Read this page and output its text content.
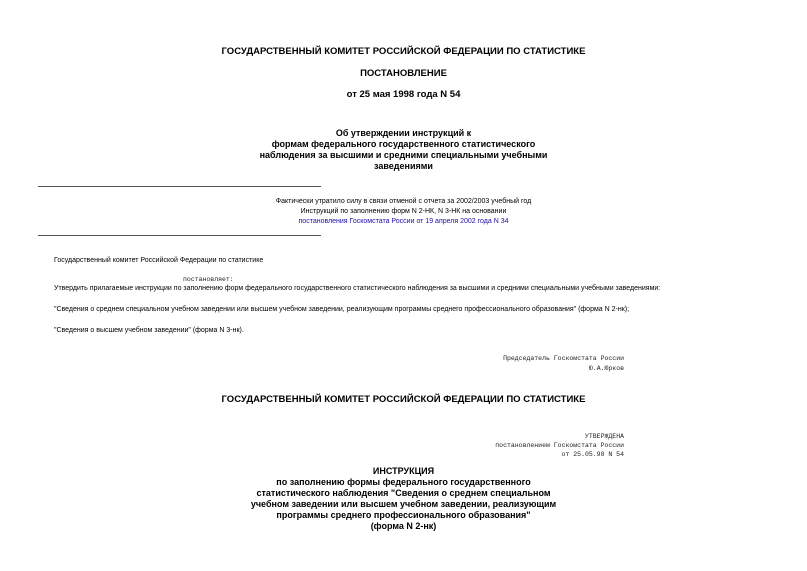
ГОСУДАРСТВЕННЫЙ КОМИТЕТ РОССИЙСКОЙ ФЕДЕРАЦИИ ПО СТАТИСТИКЕ
ПОСТАНОВЛЕНИЕ
от 25 мая 1998 года N 54
Об утверждении инструкций к
формам федерального государственного статистического
наблюдения за высшими и средними специальными учебными
заведениями
Фактически утратило силу в связи отменой с отчета за 2002/2003 учебный год
Инструкций по заполнению форм N 2-НК, N 3-НК на основании
постановления Госкомстата России от 19 апреля 2002 года N 34
Государственный комитет Российской Федерации по статистике
постановляет:
Утвердить прилагаемые инструкции по заполнению форм федерального государственного статистического наблюдения за высшими и средними специальными учебными заведениями:
"Сведения о среднем специальном учебном заведении или высшем учебном заведении, реализующим программы среднего профессионального образования" (форма N 2-нк);
"Сведения о высшем учебном заведении" (форма N 3-нк).
Председатель Госкомстата России
Ю.А.Юрков
ГОСУДАРСТВЕННЫЙ КОМИТЕТ РОССИЙСКОЙ ФЕДЕРАЦИИ ПО СТАТИСТИКЕ
УТВЕРЖДЕНА
постановлением Госкомстата России
от 25.05.98 N 54
ИНСТРУКЦИЯ
по заполнению формы федерального государственного
статистического наблюдения "Сведения о среднем специальном
учебном заведении или высшем учебном заведении, реализующим
программы среднего профессионального образования"
(форма N 2-нк)
